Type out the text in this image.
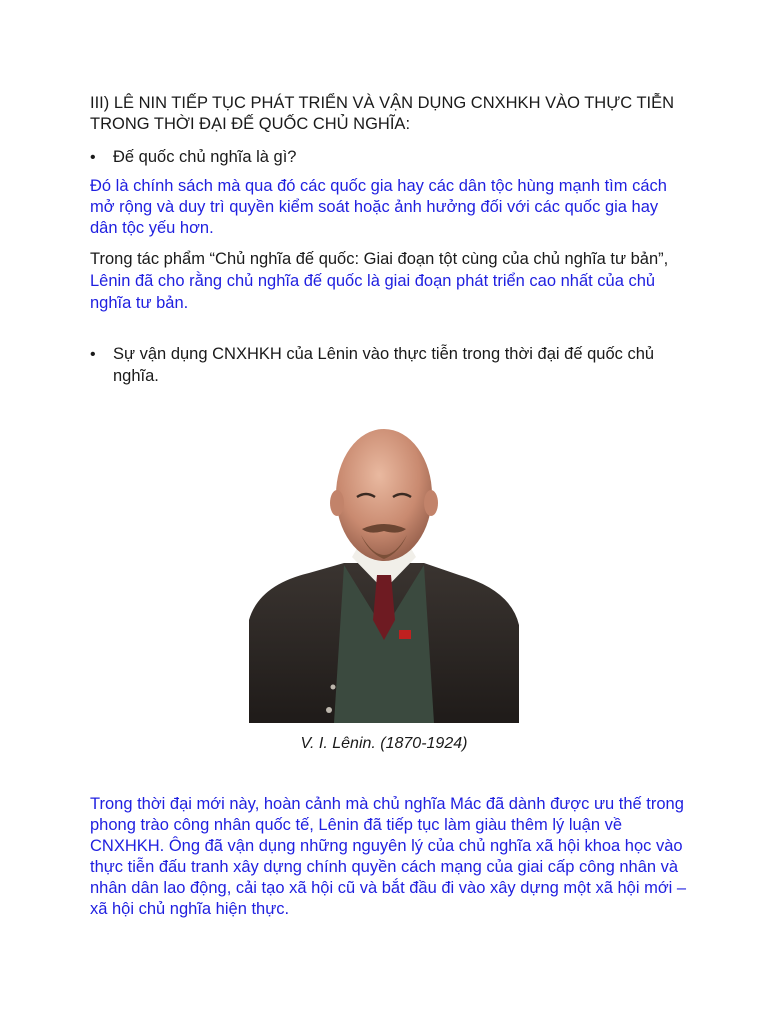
III) LÊ NIN TIẾP TỤC PHÁT TRIỂN VÀ VẬN DỤNG CNXHKH VÀO THỰC TIỄN TRONG THỜI ĐẠI ĐẾ QUỐC CHỦ NGHĨA:

•
Đế quốc chủ nghĩa là gì?

Đó là chính sách mà qua đó các quốc gia hay các dân tộc hùng mạnh tìm cách mở rộng và duy trì quyền kiểm soát hoặc ảnh hưởng đối với các quốc gia hay dân tộc yếu hơn.

Trong tác phẩm “Chủ nghĩa đế quốc: Giai đoạn tột cùng của chủ nghĩa tư bản”, Lênin đã cho rằng chủ nghĩa đế quốc là giai đoạn phát triển cao nhất của chủ nghĩa tư bản.

•
Sự vận dụng CNXHKH của Lênin vào thực tiễn trong thời đại đế quốc chủ nghĩa.
V. I. Lênin. (1870-1924)

Trong thời đại mới này, hoàn cảnh mà chủ nghĩa Mác đã dành được ưu thế trong phong trào công nhân quốc tế, Lênin đã tiếp tục làm giàu thêm lý luận về CNXHKH. Ông đã vận dụng những nguyên lý của chủ nghĩa xã hội khoa học vào thực tiễn đấu tranh xây dựng chính quyền cách mạng của giai cấp công nhân và nhân dân lao động, cải tạo xã hội cũ và bắt đầu đi vào xây dựng một xã hội mới – xã hội chủ nghĩa hiện thực.
